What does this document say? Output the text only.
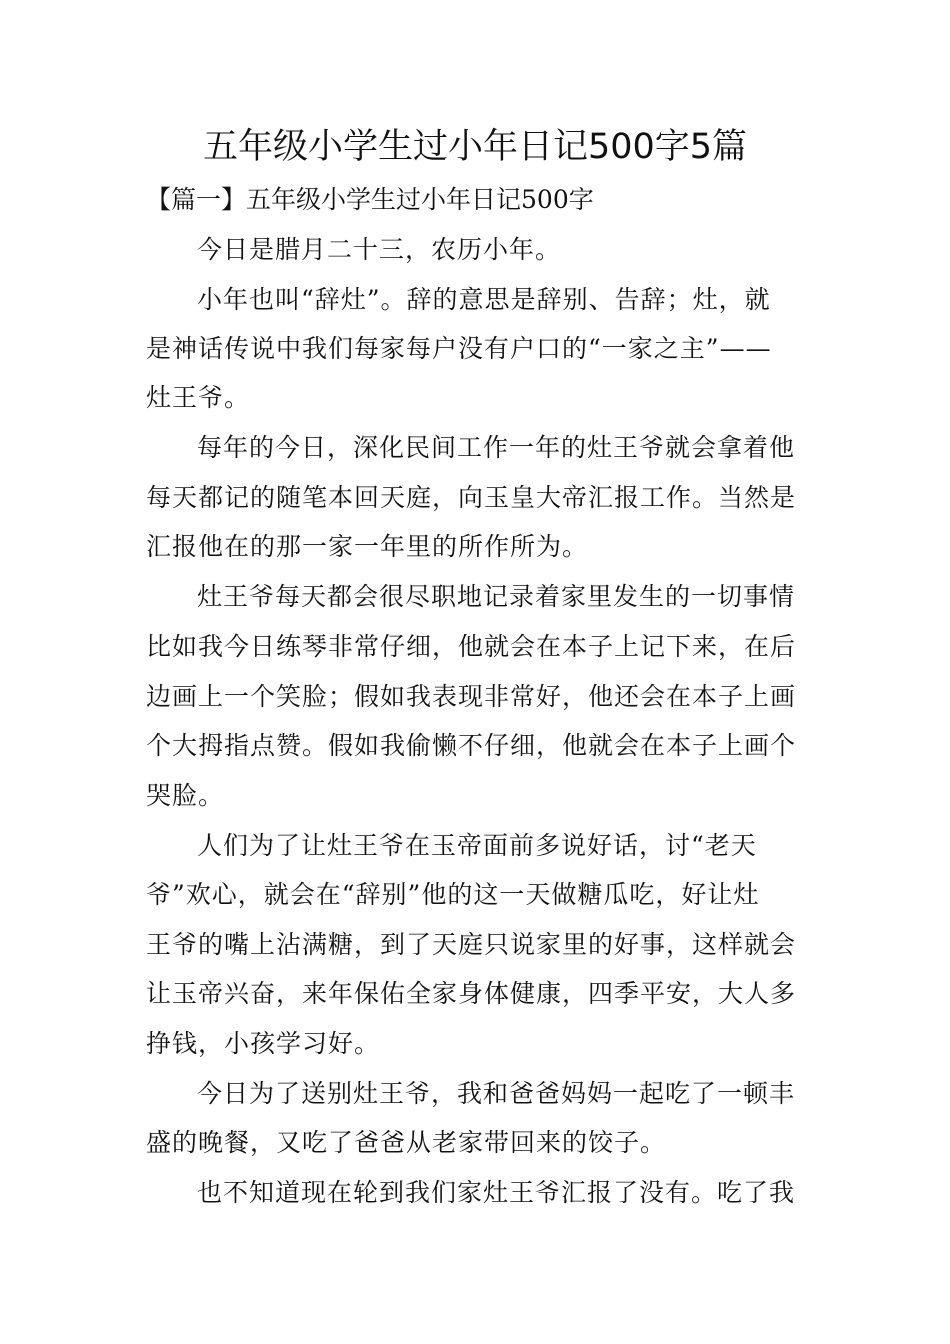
五年级小学生过小年日记500字5篇
【篇一】五年级小学生过小年日记500字
今日是腊月二十三，农历小年。
小年也叫“辞灶”。辞的意思是辞别、告辞；灶，就
是神话传说中我们每家每户没有户口的“一家之主”——
灶王爷。
每年的今日，深化民间工作一年的灶王爷就会拿着他
每天都记的随笔本回天庭，向玉皇大帝汇报工作。当然是
汇报他在的那一家一年里的所作所为。
灶王爷每天都会很尽职地记录着家里发生的一切事情
比如我今日练琴非常仔细，他就会在本子上记下来，在后
边画上一个笑脸；假如我表现非常好，他还会在本子上画
个大拇指点赞。假如我偷懒不仔细，他就会在本子上画个
哭脸。
人们为了让灶王爷在玉帝面前多说好话，讨“老天
爷”欢心，就会在“辞别”他的这一天做糖瓜吃，好让灶
王爷的嘴上沾满糖，到了天庭只说家里的好事，这样就会
让玉帝兴奋，来年保佑全家身体健康，四季平安，大人多
挣钱，小孩学习好。
今日为了送别灶王爷，我和爸爸妈妈一起吃了一顿丰
盛的晚餐，又吃了爸爸从老家带回来的饺子。
也不知道现在轮到我们家灶王爷汇报了没有。吃了我
